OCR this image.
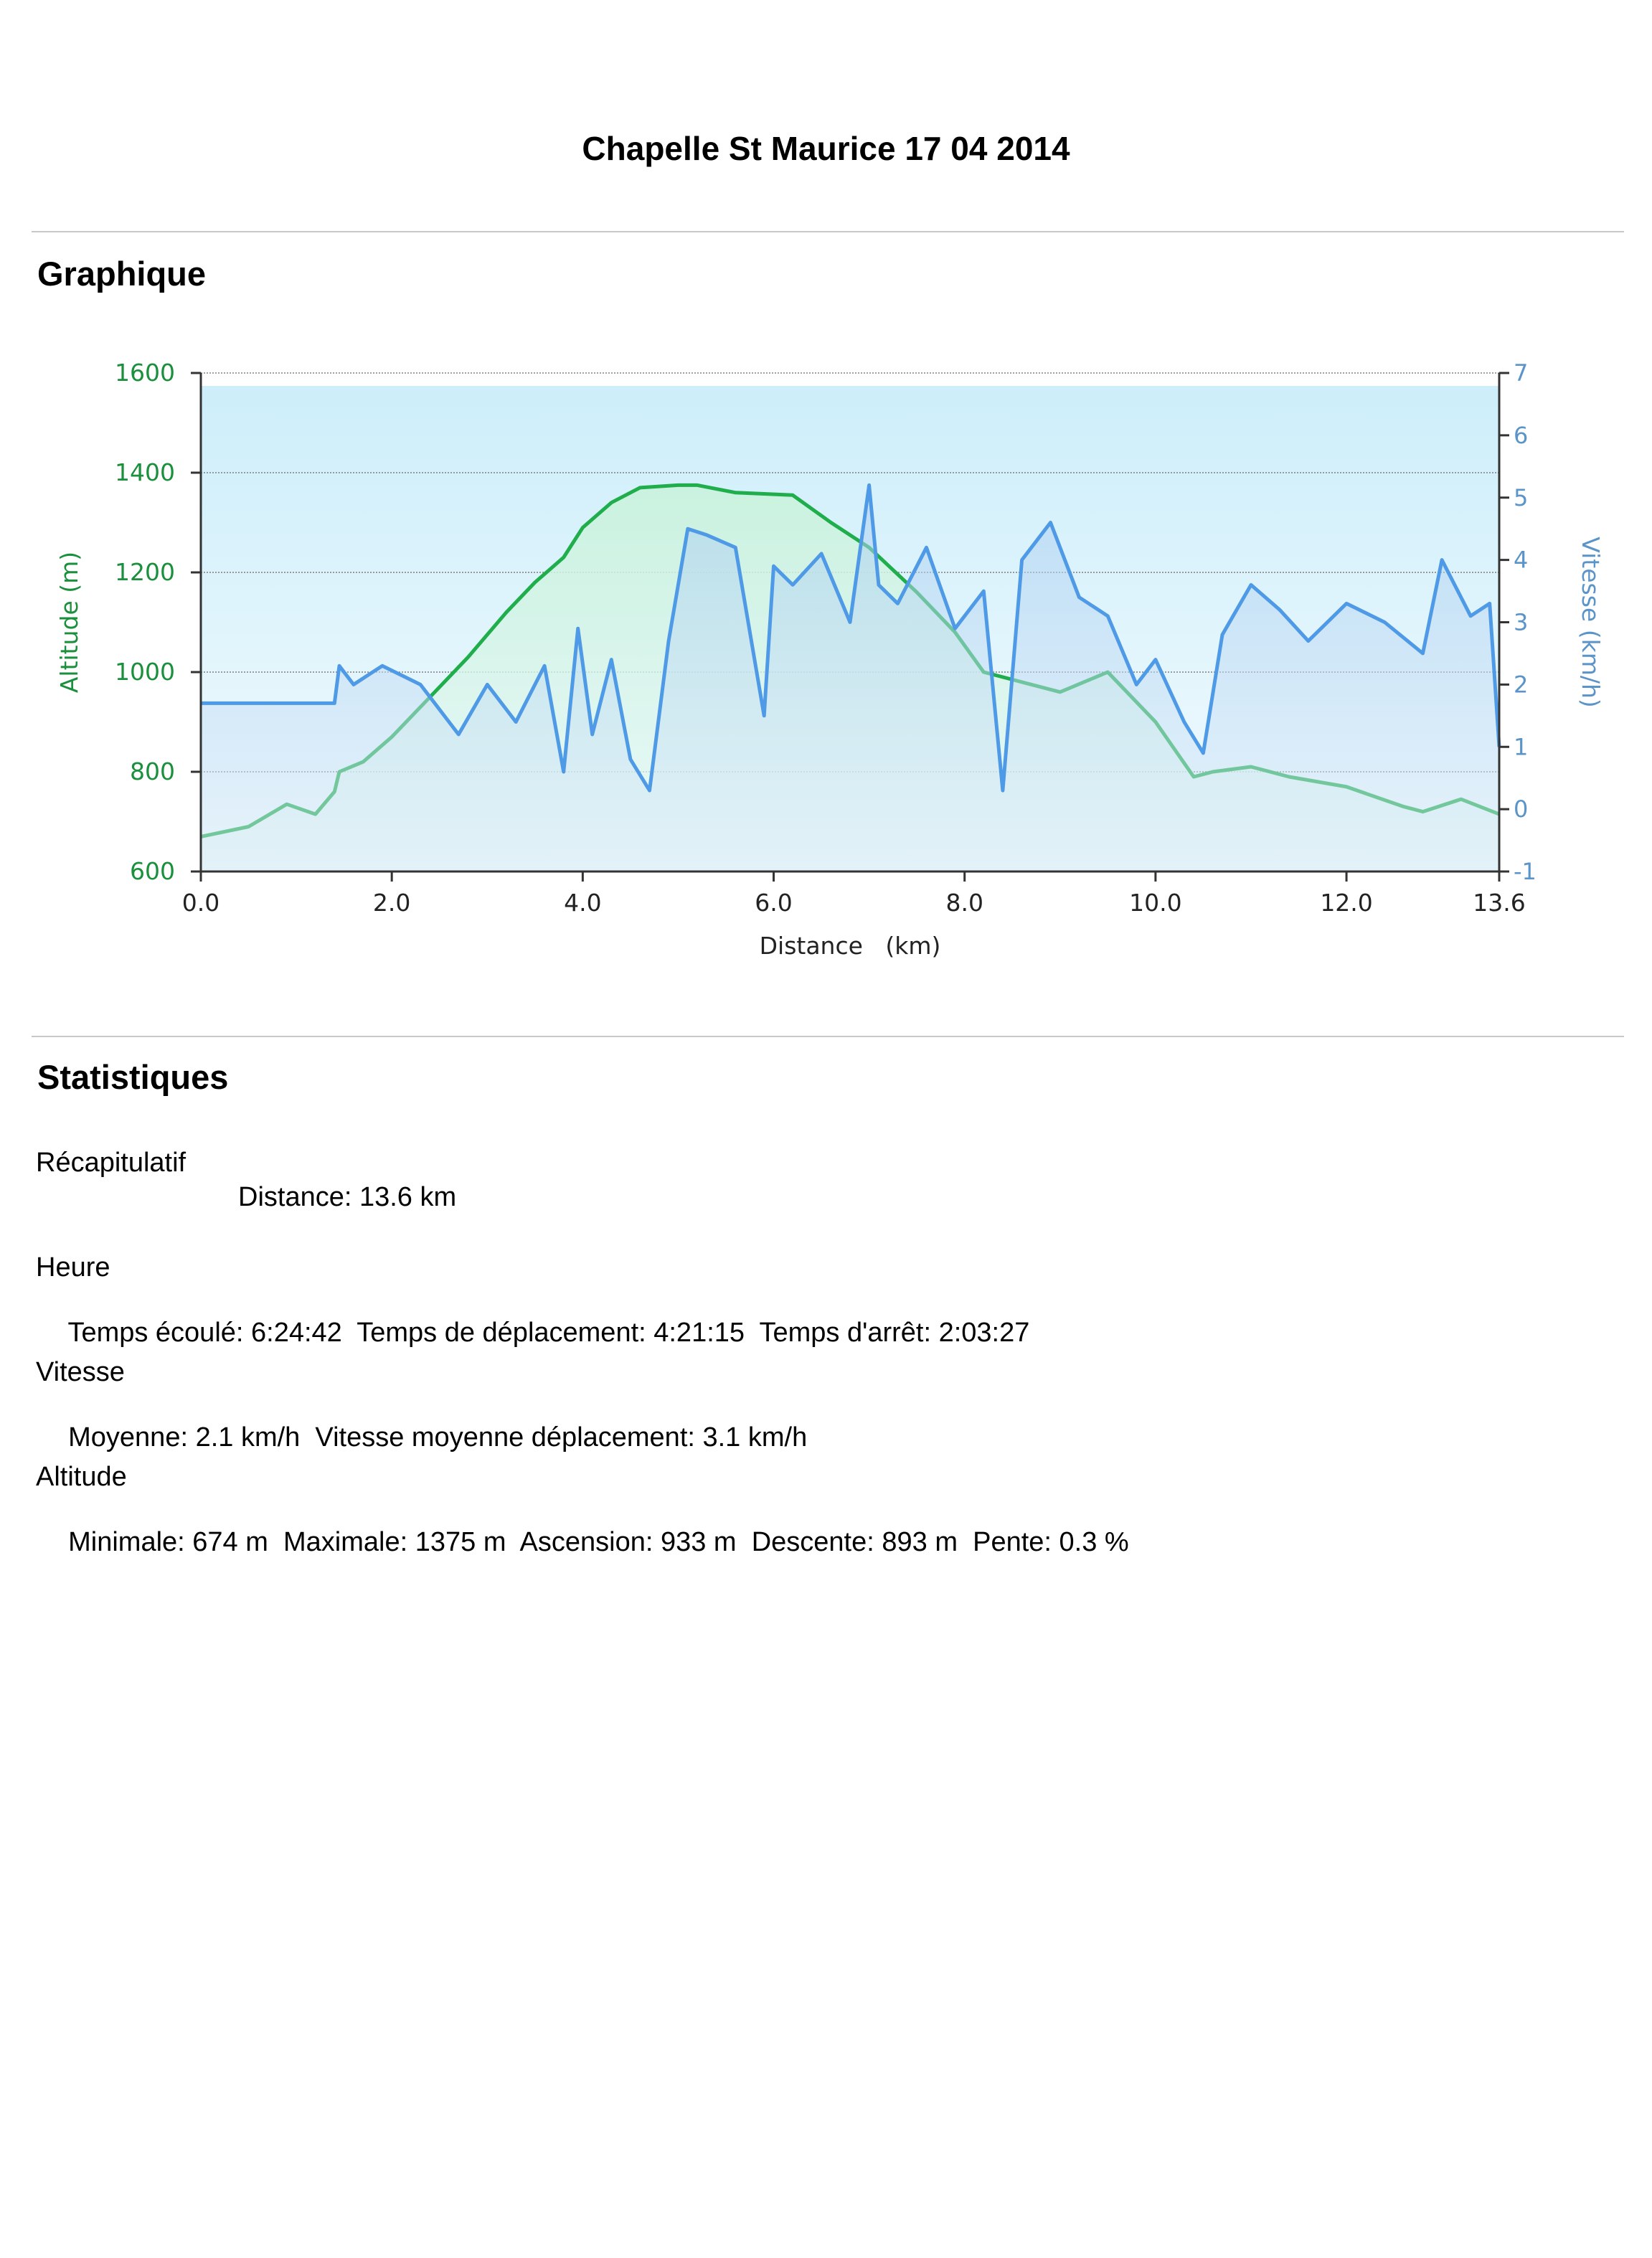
Chapelle St Maurice 17 04 2014
Graphique
600
800
1000
1200
1400
1600
-1
0
1
2
3
4
5
6
7
0.0	2.0	4.0	6.0	8.0	10.0	12.0	13.6
Altitude (m)	Vitesse (km/h)
Distance   (km)
Statistiques
Récapitulatif
Distance: 13.6 km
Heure

Temps écoulé: 6:24:42 Temps de déplacement: 4:21:15 Temps d'arrêt: 2:03:27

Vitesse

Moyenne: 2.1 km/h Vitesse moyenne déplacement: 3.1 km/h

Altitude

Minimale: 674 m Maximale: 1375 m Ascension: 933 m Descente: 893 m Pente: 0.3 %
